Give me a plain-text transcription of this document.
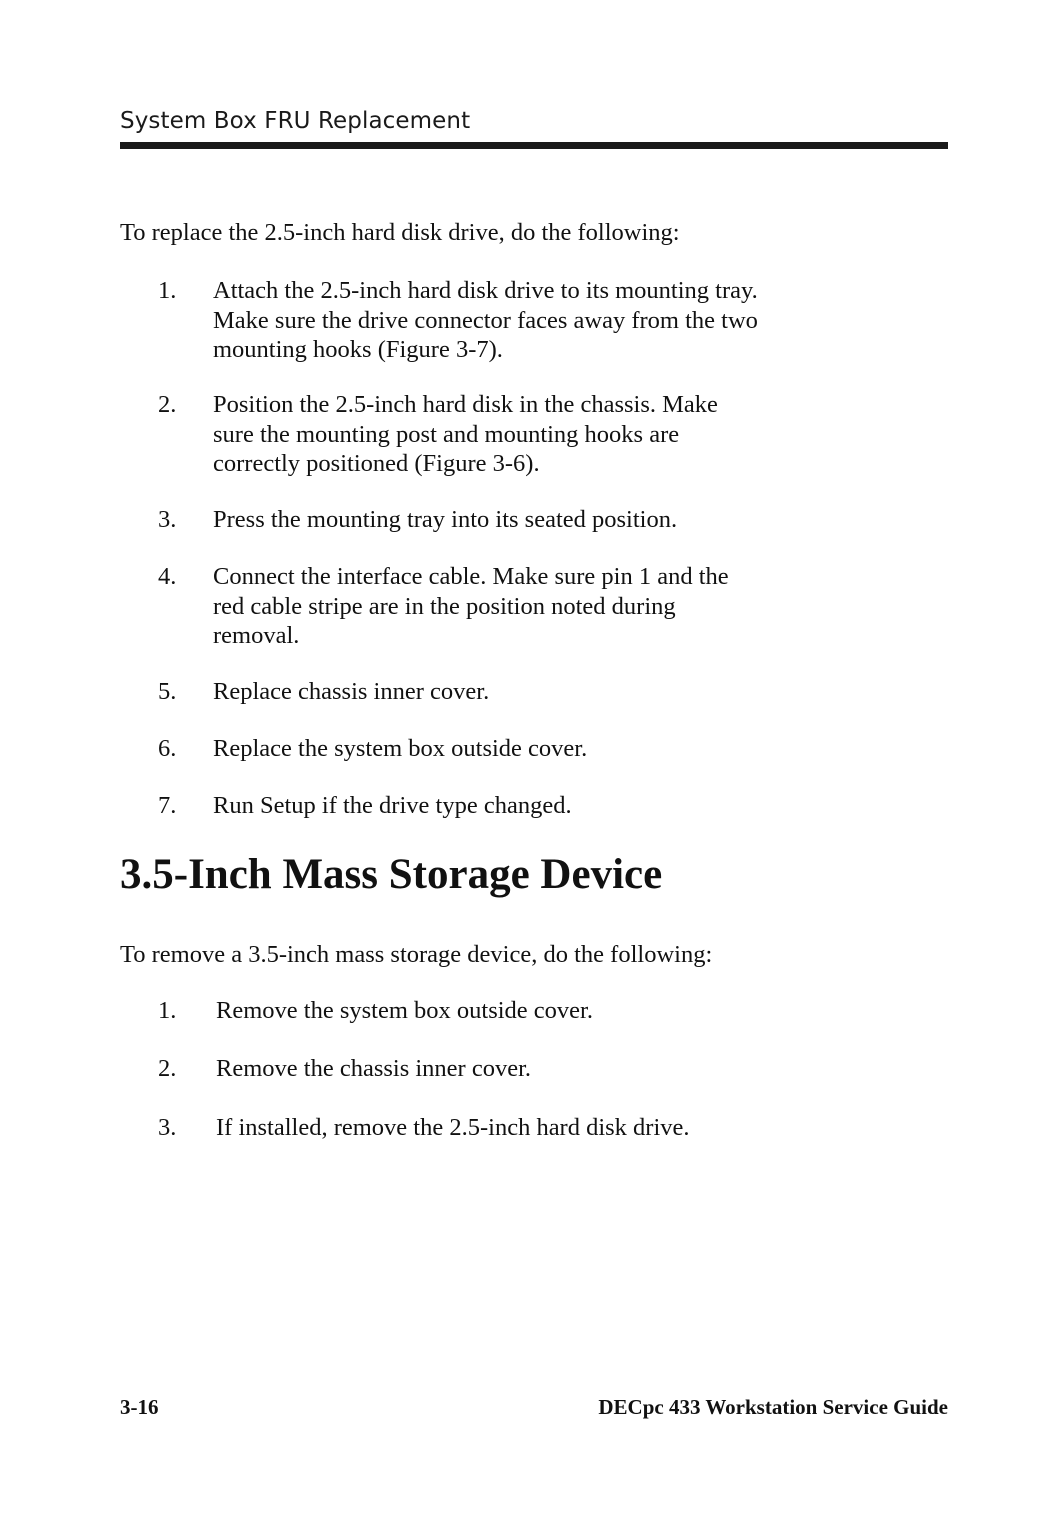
System Box FRU Replacement
To replace the 2.5-inch hard disk drive, do the following:
1. Attach the 2.5-inch hard disk drive to its mounting tray.
Make sure the drive connector faces away from the two
mounting hooks (Figure 3-7).
2. Position the 2.5-inch hard disk in the chassis. Make
sure the mounting post and mounting hooks are
correctly positioned (Figure 3-6).
3. Press the mounting tray into its seated position.
4. Connect the interface cable. Make sure pin 1 and the
red cable stripe are in the position noted during
removal.
5. Replace chassis inner cover.
6. Replace the system box outside cover.
7. Run Setup if the drive type changed.
3.5-Inch Mass Storage Device
To remove a 3.5-inch mass storage device, do the following:
1. Remove the system box outside cover.
2. Remove the chassis inner cover.
3. If installed, remove the 2.5-inch hard disk drive.
3-16	DECpc 433 Workstation Service Guide
